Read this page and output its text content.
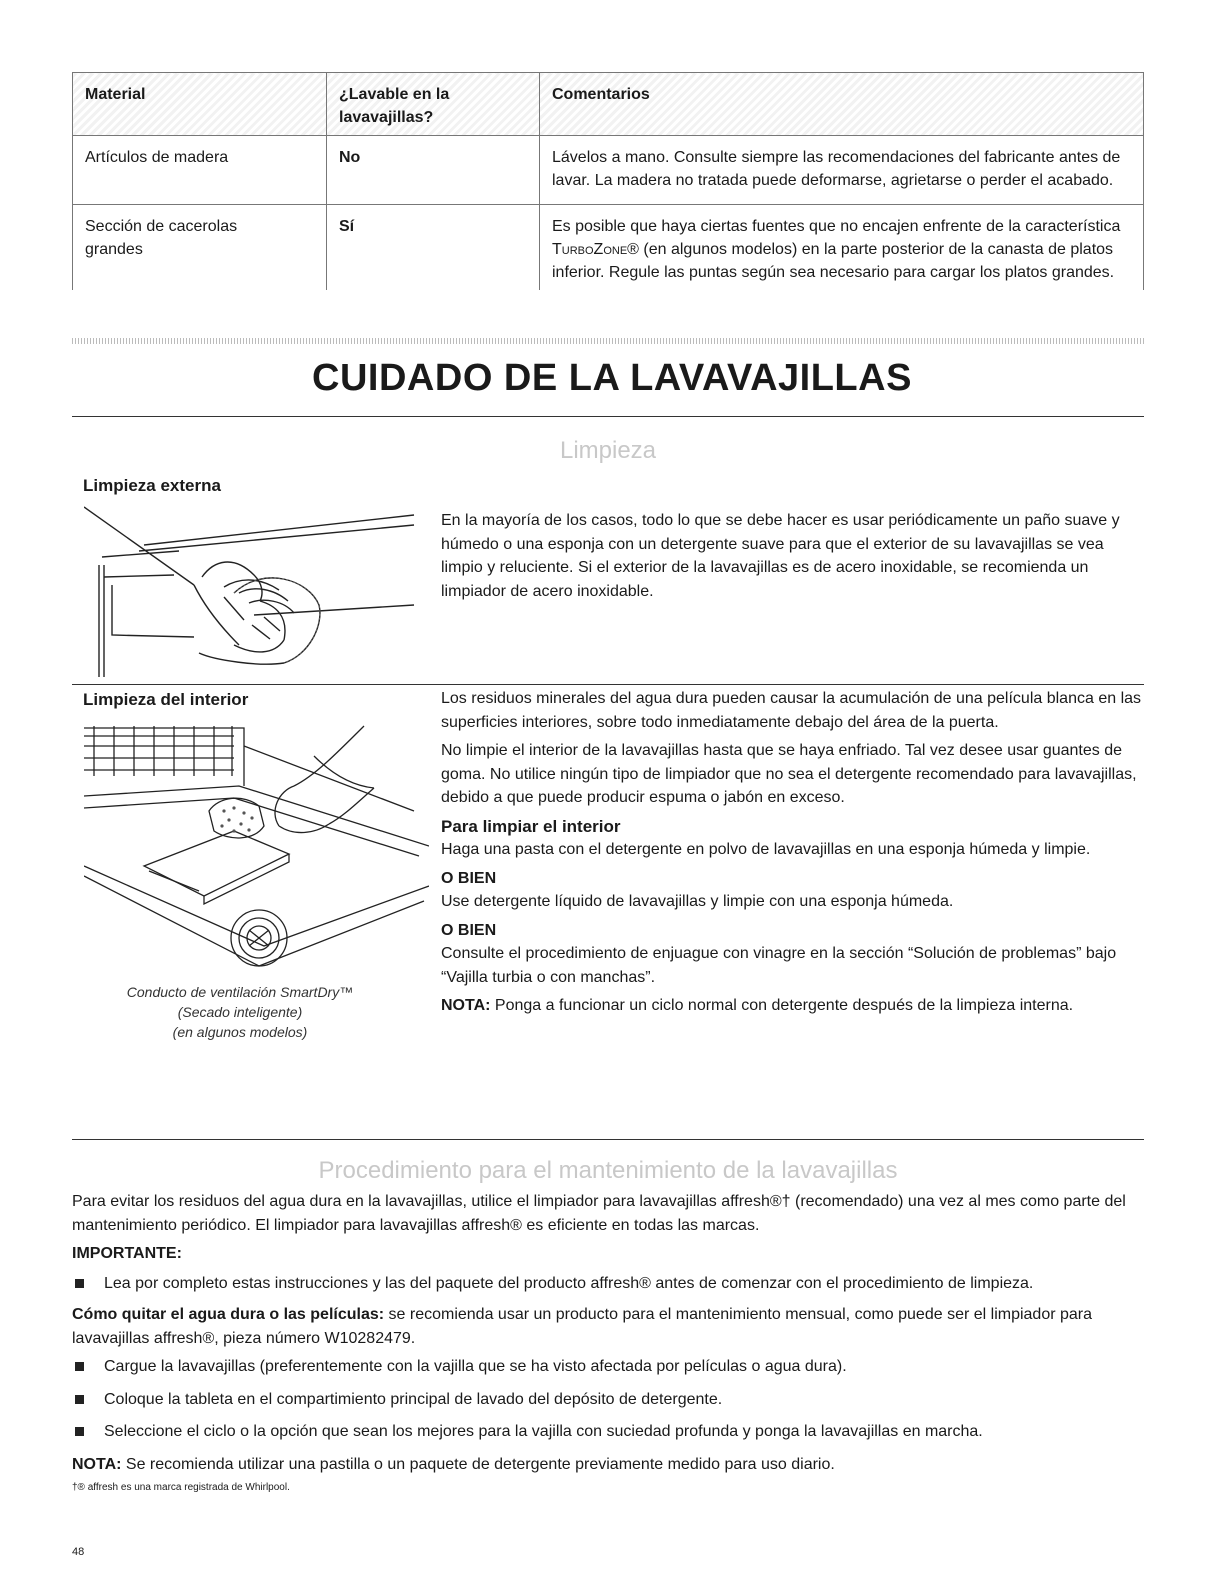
Material	¿Lavable en la lavavajillas?	Comentarios
Artículos de madera	No	Lávelos a mano. Consulte siempre las recomendaciones del fabricante antes de lavar. La madera no tratada puede deformarse, agrietarse o perder el acabado.
Sección de cacerolas grandes	Sí	Es posible que haya ciertas fuentes que no encajen enfrente de la característica TurboZone® (en algunos modelos) en la parte posterior de la canasta de platos inferior. Regule las puntas según sea necesario para cargar los platos grandes.
CUIDADO DE LA LAVAVAJILLAS
Limpieza
Limpieza externa
En la mayoría de los casos, todo lo que se debe hacer es usar periódicamente un paño suave y húmedo o una esponja con un detergente suave para que el exterior de su lavavajillas se vea limpio y reluciente. Si el exterior de la lavavajillas es de acero inoxidable, se recomienda un limpiador de acero inoxidable.
Limpieza del interior
Conducto de ventilación SmartDry™
(Secado inteligente)
(en algunos modelos)

Los residuos minerales del agua dura pueden causar la acumulación de una película blanca en las superficies interiores, sobre todo inmediatamente debajo del área de la puerta.

No limpie el interior de la lavavajillas hasta que se haya enfriado. Tal vez desee usar guantes de goma. No utilice ningún tipo de limpiador que no sea el detergente recomendado para lavavajillas, debido a que puede producir espuma o jabón en exceso.

Para limpiar el interior

Haga una pasta con el detergente en polvo de lavavajillas en una esponja húmeda y limpie.

O BIEN

Use detergente líquido de lavavajillas y limpie con una esponja húmeda.

O BIEN

Consulte el procedimiento de enjuague con vinagre en la sección “Solución de problemas” bajo “Vajilla turbia o con manchas”.

NOTA: Ponga a funcionar un ciclo normal con detergente después de la limpieza interna.

Procedimiento para el mantenimiento de la lavavajillas

Para evitar los residuos del agua dura en la lavavajillas, utilice el limpiador para lavavajillas affresh®† (recomendado) una vez al mes como parte del mantenimiento periódico. El limpiador para lavavajillas affresh® es eficiente en todas las marcas.

IMPORTANTE:
Lea por completo estas instrucciones y las del paquete del producto affresh® antes de comenzar con el procedimiento de limpieza.

Cómo quitar el agua dura o las películas: se recomienda usar un producto para el mantenimiento mensual, como puede ser el limpiador para lavavajillas affresh®, pieza número W10282479.

Cargue la lavavajillas (preferentemente con la vajilla que se ha visto afectada por películas o agua dura).
Coloque la tableta en el compartimiento principal de lavado del depósito de detergente.
Seleccione el ciclo o la opción que sean los mejores para la vajilla con suciedad profunda y ponga la lavavajillas en marcha.
NOTA: Se recomienda utilizar una pastilla o un paquete de detergente previamente medido para uso diario.
†® affresh es una marca registrada de Whirlpool.
48
